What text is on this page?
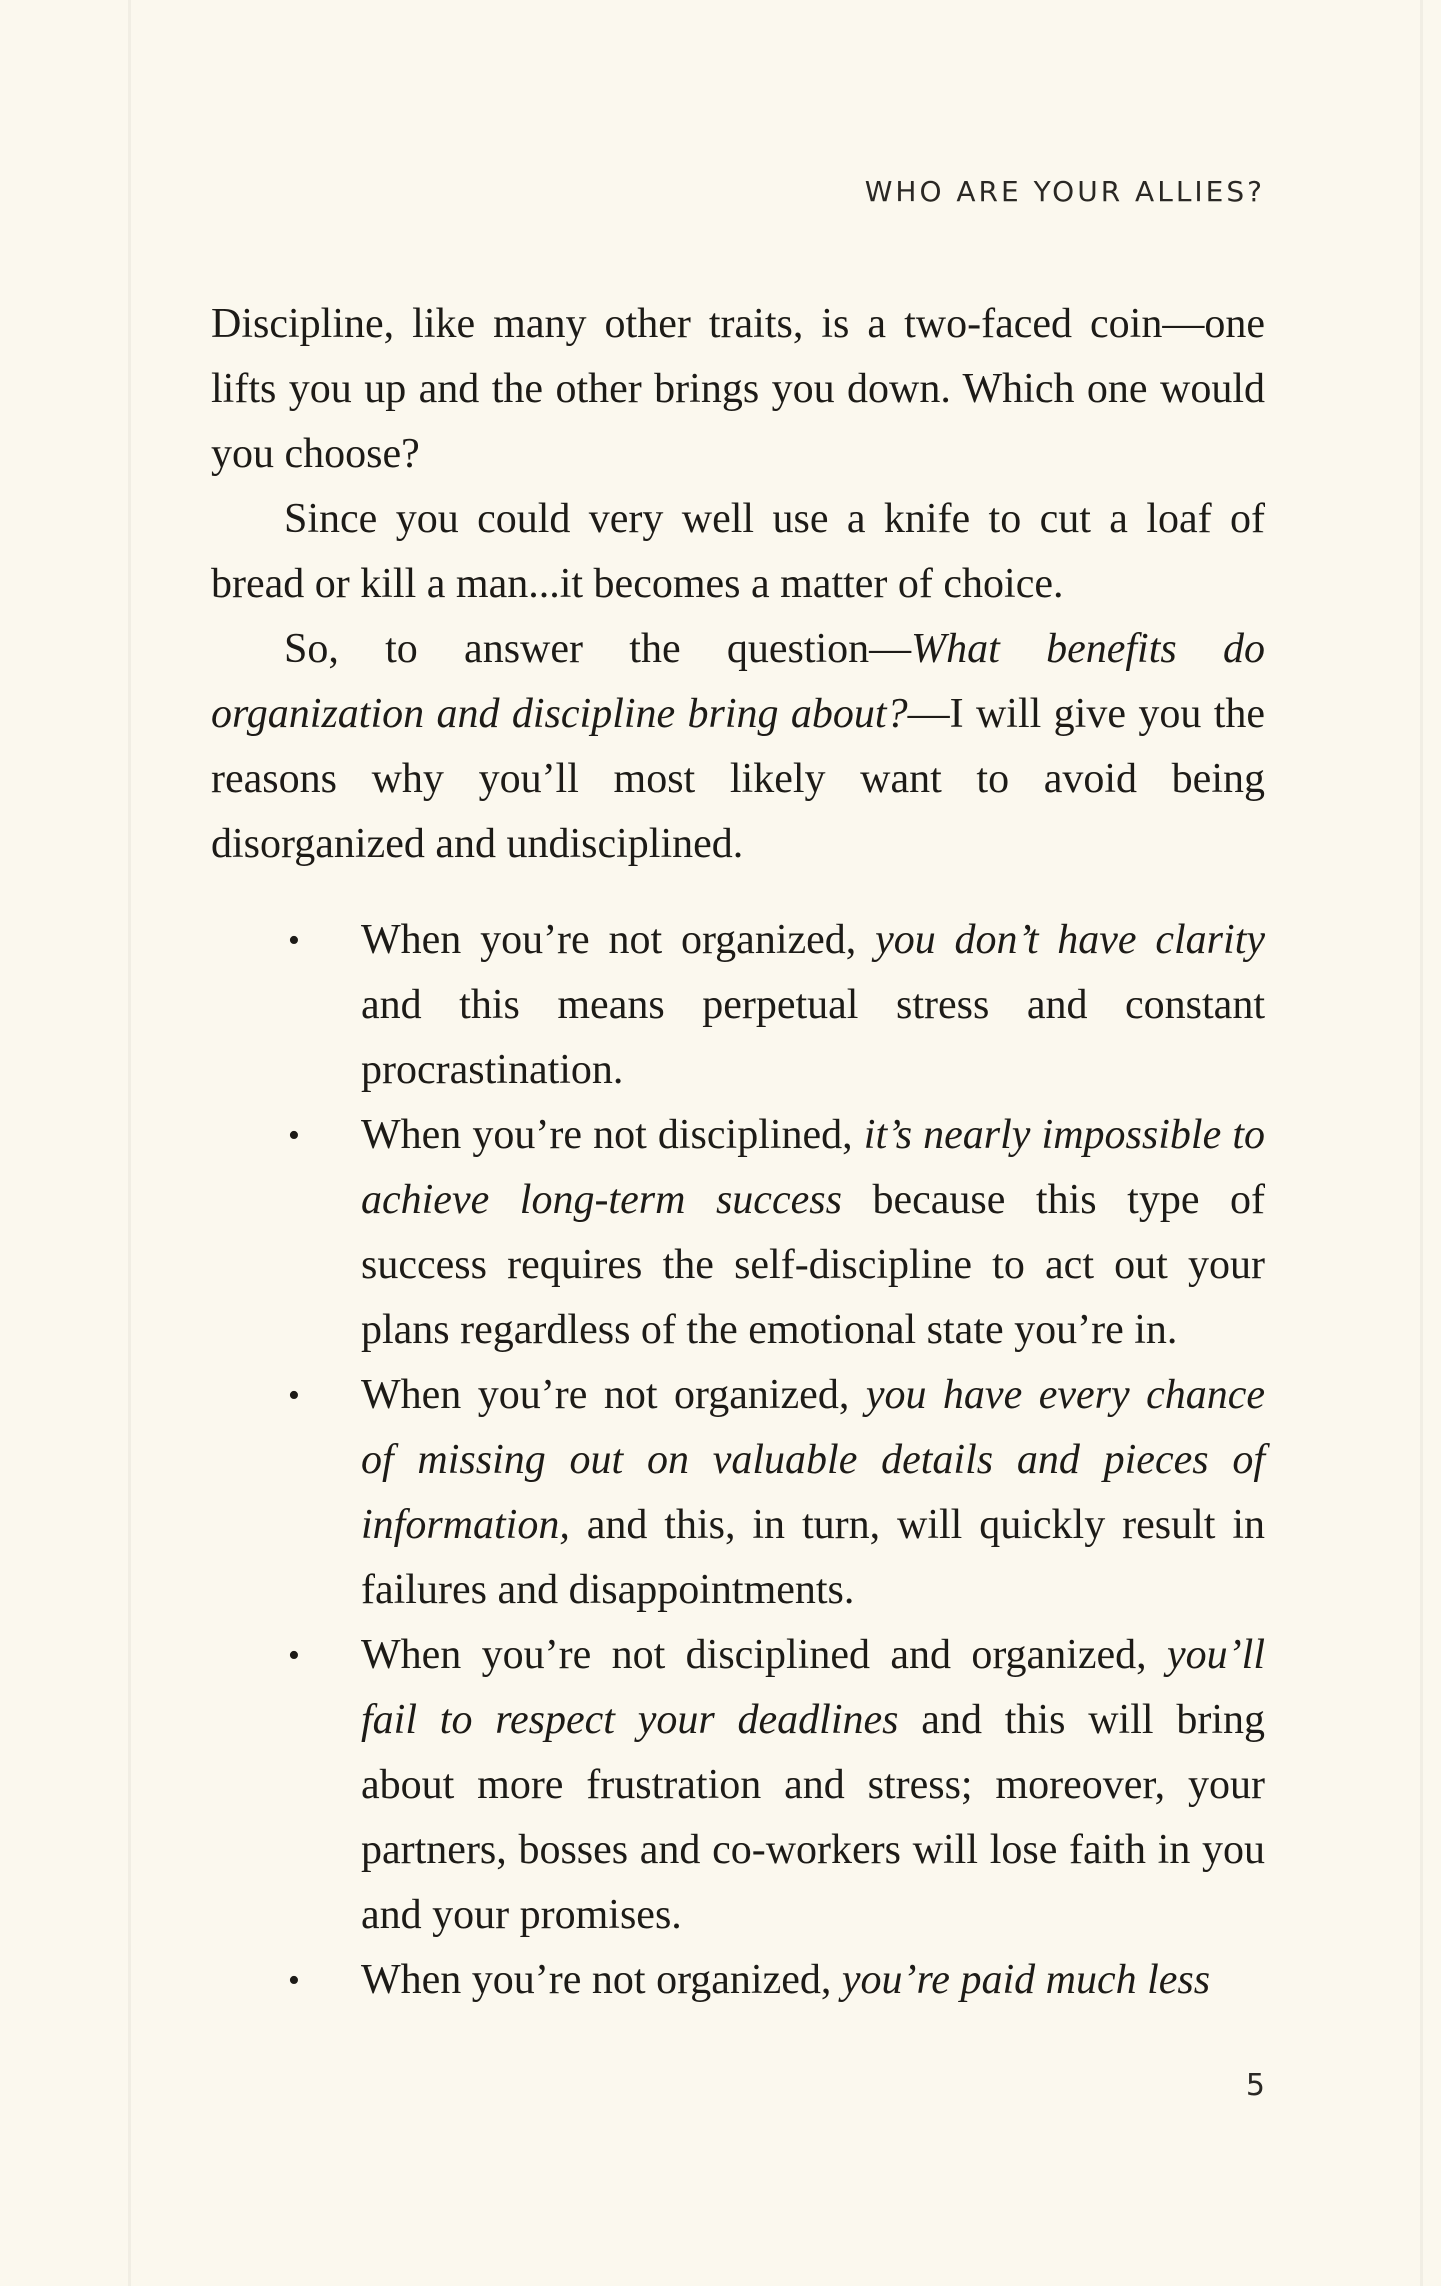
WHO ARE YOUR ALLIES?

Discipline, like many other traits, is a two-faced coin—one lifts you up and the other brings you down. Which one would you choose?

Since you could very well use a knife to cut a loaf of bread or kill a man...it becomes a matter of choice.

So, to answer the question—What benefits do organization and discipline bring about?—I will give you the reasons why you’ll most likely want to avoid being disorganized and undisciplined.

• When you’re not organized, you don’t have clarity and this means perpetual stress and constant procrastination.
• When you’re not disciplined, it’s nearly impossible to achieve long-term success because this type of success requires the self-discipline to act out your plans regardless of the emotional state you’re in.
• When you’re not organized, you have every chance of missing out on valuable details and pieces of information, and this, in turn, will quickly result in failures and disappointments.
• When you’re not disciplined and organized, you’ll fail to respect your deadlines and this will bring about more frustration and stress; moreover, your partners, bosses and co-workers will lose faith in you and your promises.
• When you’re not organized, you’re paid much less
5
